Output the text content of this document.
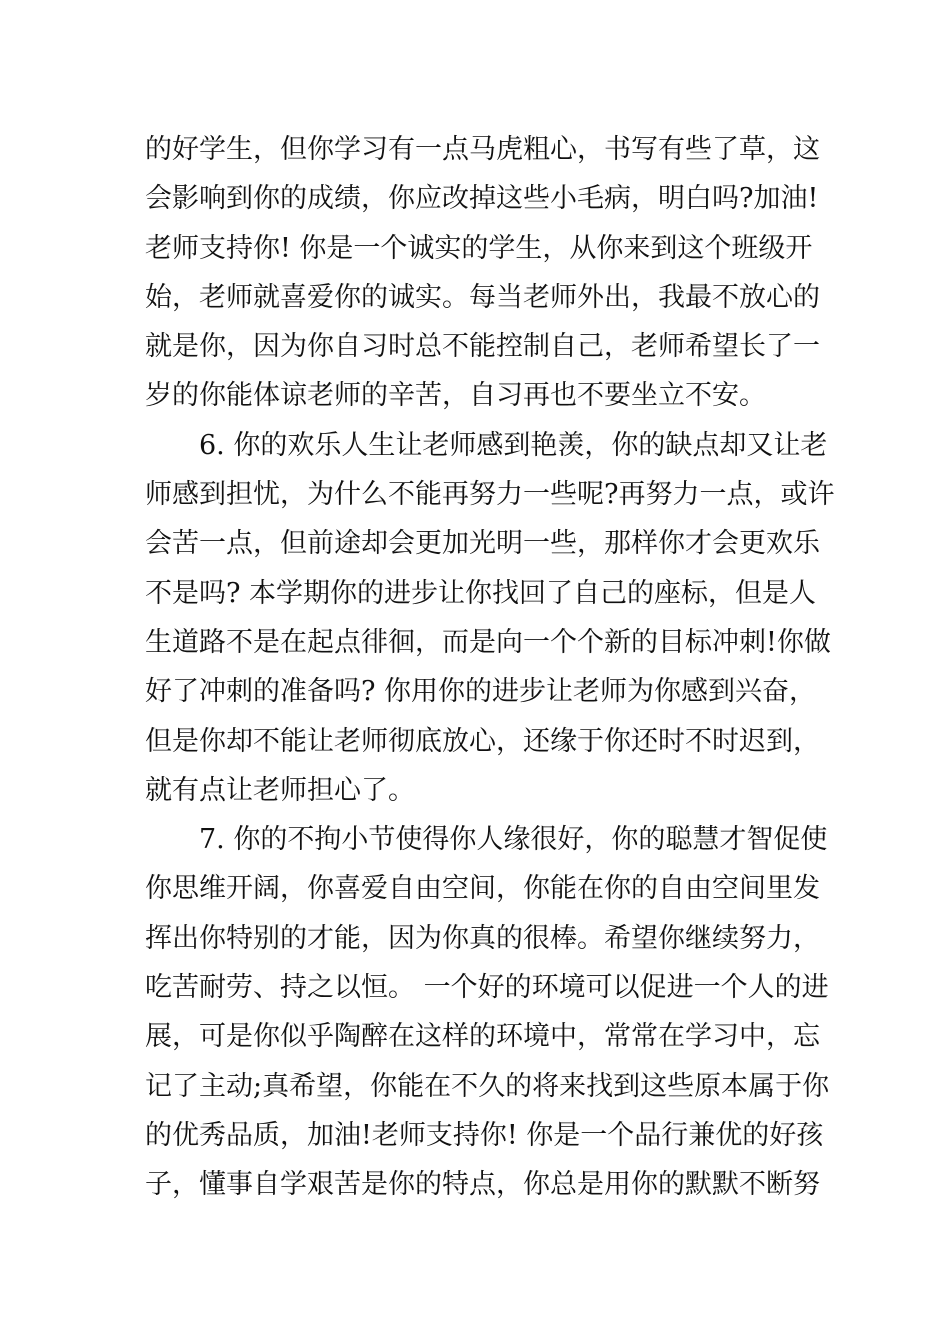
的好学生，但你学习有一点马虎粗心，书写有些了草，这
会影响到你的成绩，你应改掉这些小毛病，明白吗?加油!
老师支持你! 你是一个诚实的学生，从你来到这个班级开
始，老师就喜爱你的诚实。每当老师外出，我最不放心的
就是你，因为你自习时总不能控制自己，老师希望长了一
岁的你能体谅老师的辛苦，自习再也不要坐立不安。
6. 你的欢乐人生让老师感到艳羡，你的缺点却又让老
师感到担忧，为什么不能再努力一些呢?再努力一点，或许
会苦一点，但前途却会更加光明一些，那样你才会更欢乐
不是吗? 本学期你的进步让你找回了自己的座标，但是人
生道路不是在起点徘徊，而是向一个个新的目标冲刺!你做
好了冲刺的准备吗? 你用你的进步让老师为你感到兴奋，
但是你却不能让老师彻底放心，还缘于你还时不时迟到，
就有点让老师担心了。
7. 你的不拘小节使得你人缘很好，你的聪慧才智促使
你思维开阔，你喜爱自由空间，你能在你的自由空间里发
挥出你特别的才能，因为你真的很棒。希望你继续努力，
吃苦耐劳、持之以恒。 一个好的环境可以促进一个人的进
展，可是你似乎陶醉在这样的环境中，常常在学习中，忘
记了主动;真希望，你能在不久的将来找到这些原本属于你
的优秀品质，加油!老师支持你! 你是一个品行兼优的好孩
子，懂事自学艰苦是你的特点，你总是用你的默默不断努
